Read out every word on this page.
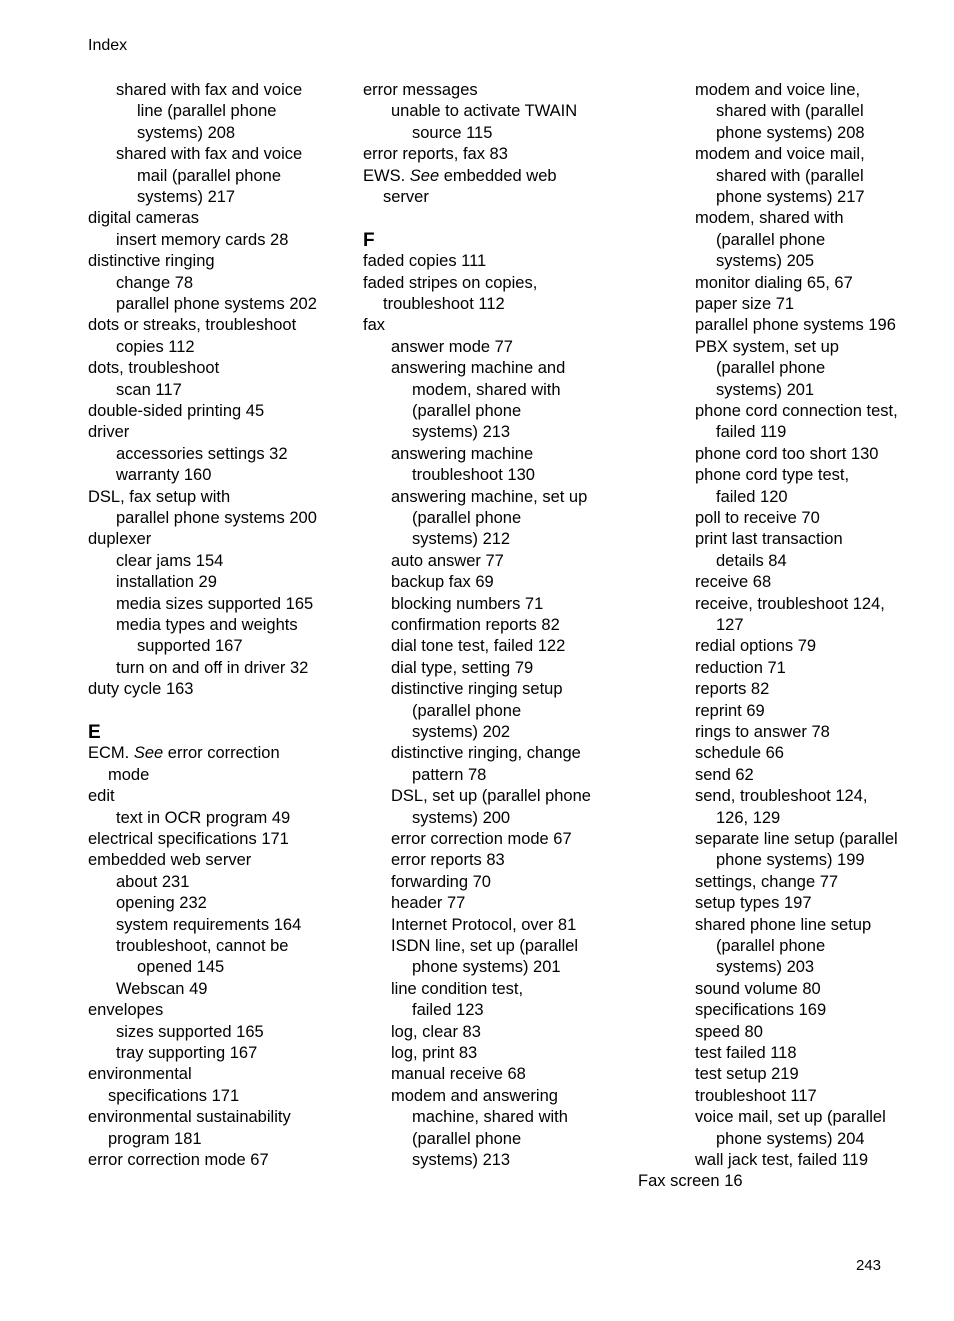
Index
shared with fax and voice
line (parallel phone
systems) 208
shared with fax and voice
mail (parallel phone
systems) 217
digital cameras
insert memory cards 28
distinctive ringing
change 78
parallel phone systems 202
dots or streaks, troubleshoot
copies 112
dots, troubleshoot
scan 117
double-sided printing 45
driver
accessories settings 32
warranty 160
DSL, fax setup with
parallel phone systems 200
duplexer
clear jams 154
installation 29
media sizes supported 165
media types and weights
supported 167
turn on and off in driver 32
duty cycle 163
E
ECM. See error correction
mode
edit
text in OCR program 49
electrical specifications 171
embedded web server
about 231
opening 232
system requirements 164
troubleshoot, cannot be
opened 145
Webscan 49
envelopes
sizes supported 165
tray supporting 167
environmental
specifications 171
environmental sustainability
program 181
error correction mode 67
error messages
unable to activate TWAIN
source 115
error reports, fax 83
EWS. See embedded web
server
F
faded copies 111
faded stripes on copies,
troubleshoot 112
fax
answer mode 77
answering machine and
modem, shared with
(parallel phone
systems) 213
answering machine
troubleshoot 130
answering machine, set up
(parallel phone
systems) 212
auto answer 77
backup fax 69
blocking numbers 71
confirmation reports 82
dial tone test, failed 122
dial type, setting 79
distinctive ringing setup
(parallel phone
systems) 202
distinctive ringing, change
pattern 78
DSL, set up (parallel phone
systems) 200
error correction mode 67
error reports 83
forwarding 70
header 77
Internet Protocol, over 81
ISDN line, set up (parallel
phone systems) 201
line condition test,
failed 123
log, clear 83
log, print 83
manual receive 68
modem and answering
machine, shared with
(parallel phone
systems) 213
modem and voice line,
shared with (parallel
phone systems) 208
modem and voice mail,
shared with (parallel
phone systems) 217
modem, shared with
(parallel phone
systems) 205
monitor dialing 65, 67
paper size 71
parallel phone systems 196
PBX system, set up
(parallel phone
systems) 201
phone cord connection test,
failed 119
phone cord too short 130
phone cord type test,
failed 120
poll to receive 70
print last transaction
details 84
receive 68
receive, troubleshoot 124,
127
redial options 79
reduction 71
reports 82
reprint 69
rings to answer 78
schedule 66
send 62
send, troubleshoot 124,
126, 129
separate line setup (parallel
phone systems) 199
settings, change 77
setup types 197
shared phone line setup
(parallel phone
systems) 203
sound volume 80
specifications 169
speed 80
test failed 118
test setup 219
troubleshoot 117
voice mail, set up (parallel
phone systems) 204
wall jack test, failed 119
Fax screen 16
243
